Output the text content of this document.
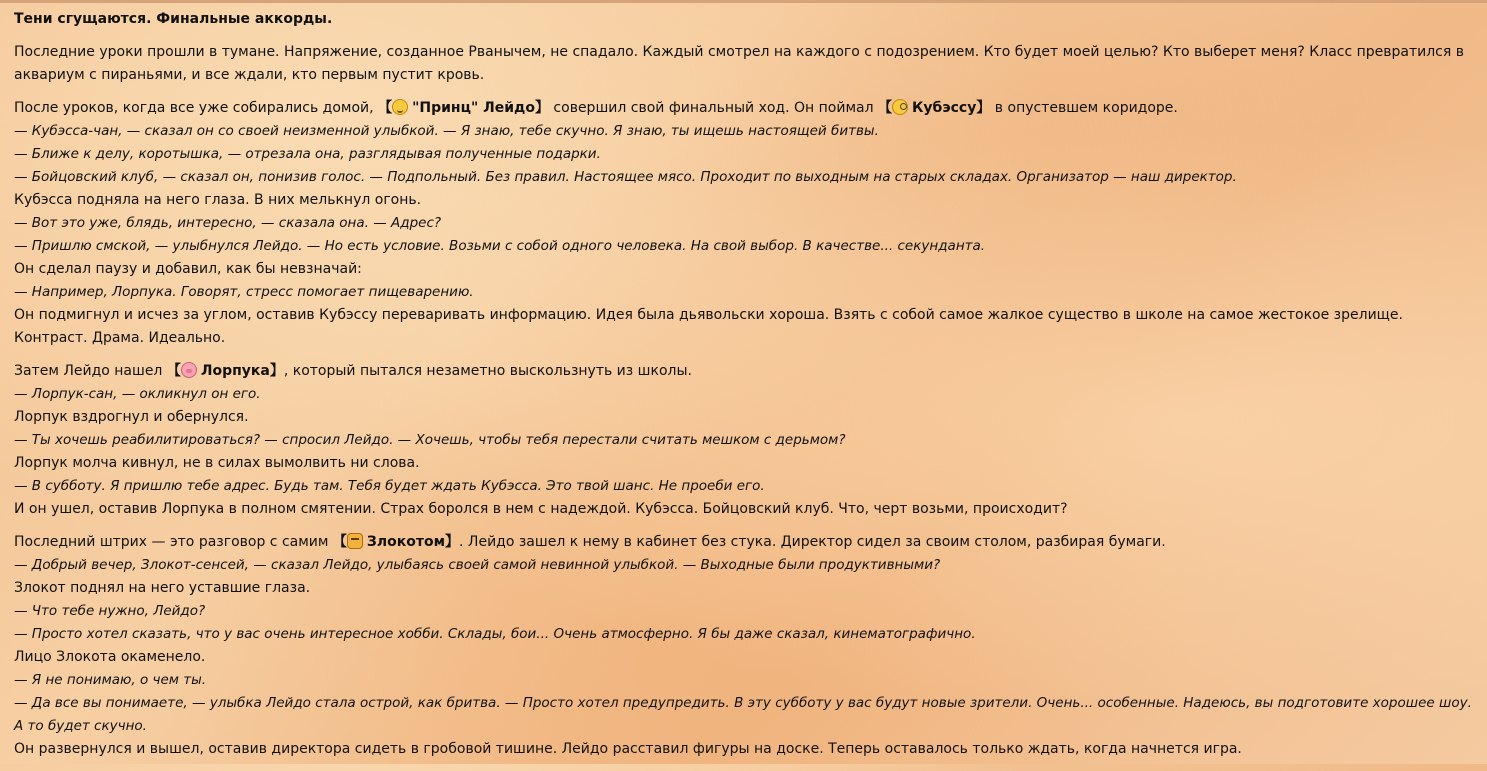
Тени сгущаются. Финальные аккорды.
Последние уроки прошли в тумане. Напряжение, созданное Рванычем, не спадало. Каждый смотрел на каждого с подозрением. Кто будет моей целью? Кто выберет меня? Класс превратился в аквариум с пираньями, и все ждали, кто первым пустит кровь.
После уроков, когда все уже собирались домой, 【 "Принц" Лейдо】 совершил свой финальный ход. Он поймал 【 Кубэссу】 в опустевшем коридоре.
— Кубэсса-чан, — сказал он со своей неизменной улыбкой. — Я знаю, тебе скучно. Я знаю, ты ищешь настоящей битвы.
— Ближе к делу, коротышка, — отрезала она, разглядывая полученные подарки.
— Бойцовский клуб, — сказал он, понизив голос. — Подпольный. Без правил. Настоящее мясо. Проходит по выходным на старых складах. Организатор — наш директор.
Кубэсса подняла на него глаза. В них мелькнул огонь.
— Вот это уже, блядь, интересно, — сказала она. — Адрес?
— Пришлю смской, — улыбнулся Лейдо. — Но есть условие. Возьми с собой одного человека. На свой выбор. В качестве... секунданта.
Он сделал паузу и добавил, как бы невзначай:
— Например, Лорпука. Говорят, стресс помогает пищеварению.
Он подмигнул и исчез за углом, оставив Кубэссу переваривать информацию. Идея была дьявольски хороша. Взять с собой самое жалкое существо в школе на самое жестокое зрелище. Контраст. Драма. Идеально.
Затем Лейдо нашел 【 Лорпука】, который пытался незаметно выскользнуть из школы.
— Лорпук-сан, — окликнул он его.
Лорпук вздрогнул и обернулся.
— Ты хочешь реабилитироваться? — спросил Лейдо. — Хочешь, чтобы тебя перестали считать мешком с дерьмом?
Лорпук молча кивнул, не в силах вымолвить ни слова.
— В субботу. Я пришлю тебе адрес. Будь там. Тебя будет ждать Кубэсса. Это твой шанс. Не проеби его.
И он ушел, оставив Лорпука в полном смятении. Страх боролся в нем с надеждой. Кубэсса. Бойцовский клуб. Что, черт возьми, происходит?
Последний штрих — это разговор с самим 【 Злокотом】. Лейдо зашел к нему в кабинет без стука. Директор сидел за своим столом, разбирая бумаги.
— Добрый вечер, Злокот-сенсей, — сказал Лейдо, улыбаясь своей самой невинной улыбкой. — Выходные были продуктивными?
Злокот поднял на него уставшие глаза.
— Что тебе нужно, Лейдо?
— Просто хотел сказать, что у вас очень интересное хобби. Склады, бои... Очень атмосферно. Я бы даже сказал, кинематографично.
Лицо Злокота окаменело.
— Я не понимаю, о чем ты.
— Да все вы понимаете, — улыбка Лейдо стала острой, как бритва. — Просто хотел предупредить. В эту субботу у вас будут новые зрители. Очень... особенные. Надеюсь, вы подготовите хорошее шоу. А то будет скучно.
Он развернулся и вышел, оставив директора сидеть в гробовой тишине. Лейдо расставил фигуры на доске. Теперь оставалось только ждать, когда начнется игра.
